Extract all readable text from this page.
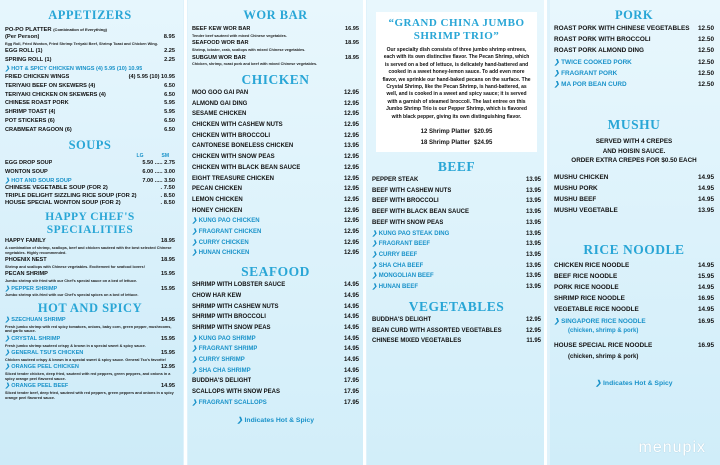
APPETIZERS
PO-PO PLATTER (Combination of Everything)
(Per Person)	8.95
Egg Roll, Fried Wonton, Fried Shrimp Teriyaki Beef, Shrimp Toast and Chicken Wing.
EGG ROLL (1)	2.25
SPRING ROLL (1)	2.25
❯ HOT & SPICY CHICKEN WINGS (4) 5.95 (10) 10.95
FRIED CHICKEN WINGS	(4) 5.95 (10) 10.95
TERIYAKI BEEF ON SKEWERS (4)	6.50
TERIYAKI CHICKEN ON SKEWERS (4)	6.50
CHINESE ROAST PORK	5.95
SHRIMP TOAST (4)	5.95
POT STICKERS (6)	6.50
CRABMEAT RAGOON (6)	6.50
SOUPS
LG	SM
EGG DROP SOUP	5.50 ..... 2.75
WONTON SOUP	6.00 ..... 3.00
❯ HOT AND SOUR SOUP	7.00 ..... 3.50
CHINESE VEGETABLE SOUP (FOR 2)	. 7.50
TRIPLE DELIGHT SIZZLING RICE SOUP (FOR 2)	. 8.50
HOUSE SPECIAL WONTON SOUP (FOR 2)	. 8.50
HAPPY CHEF'S SPECIALITIES
HAPPY FAMILY	18.95
A combination of shrimp, scallops, beef and chicken sauteed with the best selected Chinese vegetables. Highly recommended.
PHOENIX NEST	18.95
Shrimp and scallops with Chinese vegetables. Excitement for seafood lovers!
PECAN SHRIMP	15.95
Jumbo shrimp stir fried with our Chef's special sauce on a bed of lettuce.
❯ PEPPER SHRIMP	15.95
Jumbo shrimp stir-fried with our Chef's special spices on a bed of lettuce.
HOT AND SPICY
❯ SZECHUAN SHRIMP	14.95
Fresh jumbo shrimp with red spicy tomatoes, onions, baby corn, green pepper, mushrooms, and garlic sauce.
❯ CRYSTAL SHRIMP	15.95
Fresh jumbo shrimp sauteed crispy & brown in a special sweet & spicy sauce.
❯ GENERAL TSU'S CHICKEN	15.95
Chicken sauteed crispy & brown in a special sweet & spicy sauce. General Tso's favorite!
❯ ORANGE PEEL CHICKEN	12.95
Sliced tender chicken, deep fried, sauteed with red peppers, green peppers, and onions in a spicy orange peel flavored sauce.
❯ ORANGE PEEL BEEF	14.95
Sliced tender beef, deep fried, sauteed with red peppers, green peppers and onions in a spicy orange peel flavored sauce.
WOR BAR
BEEF KEW WOR BAR	16.95
Tender beef sauteed with mixed Chinese vegetables.
SEAFOOD WOR BAR	18.95
Shrimp, lobster, crab, scallops with mixed Chinese vegetables.
SUBGUM WOR BAR	18.95
Chicken, shrimp, roast pork and beef with mixed Chinese vegetables.
CHICKEN
MOO GOO GAI PAN	12.95
ALMOND GAI DING	12.95
SESAME CHICKEN	12.95
CHICKEN WITH CASHEW NUTS	12.95
CHICKEN WITH BROCCOLI	12.95
CANTONESE BONELESS CHICKEN	13.95
CHICKEN WITH SNOW PEAS	12.95
CHICKEN WITH BLACK BEAN SAUCE	12.95
EIGHT TREASURE CHICKEN	12.95
PECAN CHICKEN	12.95
LEMON CHICKEN	12.95
HONEY CHICKEN	12.95
❯ KUNG PAO CHICKEN	12.95
❯ FRAGRANT CHICKEN	12.95
❯ CURRY CHICKEN	12.95
❯ HUNAN CHICKEN	12.95
SEAFOOD
SHRIMP WITH LOBSTER SAUCE	14.95
CHOW HAR KEW	14.95
SHRIMP WITH CASHEW NUTS	14.95
SHRIMP WITH BROCCOLI	14.95
SHRIMP WITH SNOW PEAS	14.95
❯ KUNG PAO SHRIMP	14.95
❯ FRAGRANT SHRIMP	14.95
❯ CURRY SHRIMP	14.95
❯ SHA CHA SHRIMP	14.95
BUDDHA'S DELIGHT	17.95
SCALLOPS WITH SNOW PEAS	17.95
❯ FRAGRANT SCALLOPS	17.95
❯ Indicates Hot & Spicy
“GRAND CHINA JUMBO SHRIMP TRIO”

Our specialty dish consists of three jumbo shrimp entrees, each with its own distinctive flavor. The Pecan Shrimp, which is served on a bed of lettuce, is delicately hand-battered and cooked in a sweet honey-lemon sauce. To add even more flavor, we sprinkle our hand-baked pecans on the surface. The Crystal Shrimp, like the Pecan Shrimp, is hand-battered, as well, and is cooked in a sweet and spicy sauce; it is served with a garnish of steamed broccoli. The last entree on this Jumbo Shrimp Trio is our Pepper Shrimp, which is flavored with black pepper, giving its own distinguishing flavor.

12 Shrimp Platter $20.95
18 Shrimp Platter $24.95
BEEF
PEPPER STEAK	13.95
BEEF WITH CASHEW NUTS	13.95
BEEF WITH BROCCOLI	13.95
BEEF WITH BLACK BEAN SAUCE	13.95
BEEF WITH SNOW PEAS	13.95
❯ KUNG PAO STEAK DING	13.95
❯ FRAGRANT BEEF	13.95
❯ CURRY BEEF	13.95
❯ SHA CHA BEEF	13.95
❯ MONGOLIAN BEEF	13.95
❯ HUNAN BEEF	13.95
VEGETABLES
BUDDHA'S DELIGHT	12.95
BEAN CURD WITH ASSORTED VEGETABLES	12.95
CHINESE MIXED VEGETABLES	11.95
PORK
ROAST PORK WITH CHINESE VEGETABLES	12.50
ROAST PORK WITH BROCCOLI	12.50
ROAST PORK ALMOND DING	12.50
❯ TWICE COOKED PORK	12.50
❯ FRAGRANT PORK	12.50
❯ MA POR BEAN CURD	12.50
MUSHU
SERVED WITH 4 CREPES
AND HOISIN SAUCE.
ORDER EXTRA CREPES FOR $0.50 EACH
MUSHU CHICKEN	14.95
MUSHU PORK	14.95
MUSHU BEEF	14.95
MUSHU VEGETABLE	13.95
RICE NOODLE
CHICKEN RICE NOODLE	14.95
BEEF RICE NOODLE	15.95
PORK RICE NOODLE	14.95
SHRIMP RICE NOODLE	16.95
VEGETABLE RICE NOODLE	14.95
❯ SINGAPORE RICE NOODLE	16.95
(chicken, shrimp & pork)
HOUSE SPECIAL RICE NOODLE	16.95
(chicken, shrimp & pork)
❯ Indicates Hot & Spicy
menupix
